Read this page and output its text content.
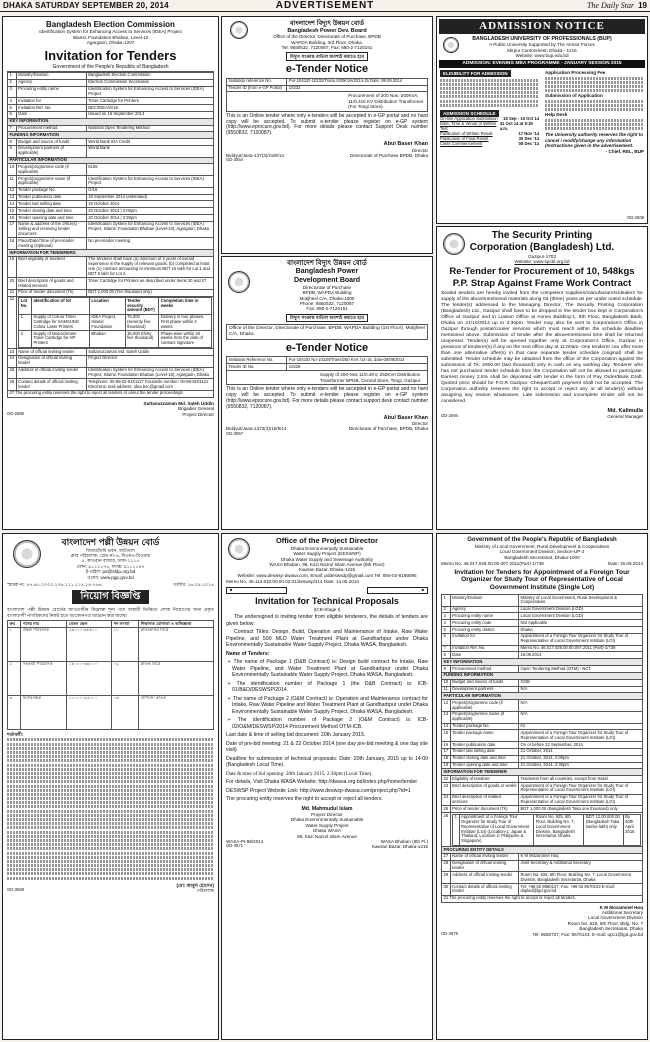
DHAKA SATURDAY SEPTEMBER 20, 2014	ADVERTISEMENT	The Daily Star 19
Bangladesh Election Commission
Identification System for Enhancing Access to Services (IDEA) Project
Islamic Foundation Bhaban, Level-10
Agargaon, Dhaka-1207
Invitation for Tenders
Government of the People's Republic of Bangladesh
1	Ministry/Division	Bangladesh Election Commission
2	Agency	Election Commission Secretariat
3	Procuring entity name	Identification System for Enhancing Access to Services (IDEA) Project
4	Invitation for	Toner Cartridge for Printers
5	Invitation Ref. No.	BEC/IDEA/G/16
6	Date	Issued on 16 September 2014
KEY INFORMATION
7	Procurement method	National Open Tendering Method
FUNDING INFORMATION
8	Budget and source of funds	World Bank IDA Credit
9	Development partners (if applicable)	World Bank
PARTICULAR INFORMATION
10	Project/programme code (if applicable)	6108
11	Project/programme name (if applicable)	Identification System for Enhancing Access to Services (IDEA) Project
12	Tender package No.	G/16
13	Tender publication date	18 September 2014 (estimated)
14	Tender last selling date	19 October 2014
15	Tender closing date and time	20 October 2014 | 2:00pm
16	Tender opening date and time	20 October 2014 | 2:30pm
17	Name & address of the office(s) - Selling and receiving tender document	Identification System for Enhancing Access to Services (IDEA) Project, Islamic Foundation Bhaban (Level-10), Agargaon, Dhaka
18	Place/Date/Time of pre-tender meeting (Optional)	No pre-tender meeting
INFORMATION FOR TENDERERS
19	Brief eligibility of tenderer	The tenderer shall have (a) minimum of 5 years of overall experience in the supply of relevant goods; (b) completed at least one (1) contract amounting to minimum BDT 15 lakh for Lot 1 and BDT 8 lakh for Lot 2.
20	Brief description of goods and related services	Toner Cartridge for Printers as described under items 20 and 27
21	Price of tender document (Tk)	BDT 2,000.00 (Ten thousand only)
22	Lot No.	Identification of lot	Location	Tender security amount (BDT)	Completion time in weeks
1	Supply of Colour Toner Cartridge for SAMSUNG Colour Laser Printers	IDEA Project, Islamic Foundation	75,000 (seventy five thousand)	Delivery in four phases. First phase within 4 weeks
2	Supply of Monochrome Toner Cartridge for HP Printers	Bhaban	35,000 (thirty five thousand)	Phase-wise within 40 weeks from the date of contract signature

23	Name of official inviting tender	Sultanuzzaman Md. Saleh Uddin
24	Designation of official inviting tender	Project Director
25	Address of official inviting tender	Identification System for Enhancing Access to Services (IDEA) Project, Islamic Foundation Bhaban (Level-10), Agargaon, Dhaka
26	Contact details of official inviting tender	Telephone: 00-88-02-8101117 Facsimile number: 00-88-8101121 Electronic mail address: idea.bec@gmail.com
27 The procuring entity reserves the right to reject all tenders or annul the tender proceedings
Sultanuzzaman Md. Saleh Uddin
Brigadier General
GD-2685	Project Director
বাংলাদেশ বিদ্যুৎ উন্নয়ন বোর্ড
Bangladesh Power Dev. Board
Office of the Director, Directorate of Purchase, BPDB
WAPDA Building, 3rd Floor, Dhaka.
Tel: 9550532, 7120087; Fax: 880-2-7120151
বিদ্যুৎ সংক্রান্ত বাতিল অবশ্যই কমাতে হবে
e-Tender Notice
Invitation reference No.	Pur-1041/D-10232/Trans./200KVA/2014-15 Date: 08.09.2014
Tender ID (from e-GP Portal)	10232
Procurement of 200 Nos.-200KVA, 11/0.415 KV Distribution Transformer (For Tongi Store).
This is an Online tender where only e-tenders will be accepted in e-GP portal and no hard copy will be accepted. To submit e-tender please register on e-GP system (http://www.eprocure.gov.bd). For more details please contact Support Desk number (9550832, 7120087).
Abul Baser Khan
Director
Biddyut/Jana-137(3)/15/9/14	Directorate of Purchase BPDB, Dhaka
GD-3554
ADMISSION NOTICE
BANGLADESH UNIVERSITY OF PROFESSIONALS (BUP)
A Public University Supported by The Armed Forces
Mirpur Cantonment, Dhaka - 1216
Website: www.bup.edu.bd
ADMISSION: EVENING MBA PROGRAMME - JANUARY SESSION 2015
ELIGIBILITY FOR ADMISSION
ADMISSION SCHEDULE
On-line Application Submission 15 Sep - 10 Oct 14
Date, Time & Venue of Written Test
31 Oct 14 at 9:30 a.m.
Publication of Written Result	17 Nov '14
Publication of Final Result	30 Dec '14
Class Commencement	08 Dec '14
Application Processing Fee
Submission of Application
Help Desk
The University authority reserves the right to cancel / modify/change any information (Instructions given in the advertisement.
- Chief, REL, BUP
GD-2606
The Security Printing
Corporation (Bangladesh) Ltd.
Gazipur-1703
Website: www.spcbl.org.bd
Re-Tender for Procurement of 10, 548kgs
P.P. Strap Against Frame Work Contract
Sealed tenders are hereby invited from the competent suppliers/manufacturers/dealers for supply of the abovementioned materials along 03 (three) years as per under noted schedule. The tender(s) addressed to the Managing Director, The Security Printing Corporation (Bangladesh) Ltd., Gazipur shall have to be dropped in the tender box kept in Corporation's Office at Gazipur and in Liaison Office at Annex Building-1, 6th Floor, Bangladesh Bank, Dhaka on 21/10/2014 up to 3:30pm. Tender may also be sent to Corporation's Office in Gazipur through postal/courier services which must reach within the schedule deadline mentioned above. Submission of tender after the abovementioned time shall be returned unopened. Tender(s) will be opened together only at Corporation's Office, Gazipur in presence of tenderer(s) if any on the next office day at 11:00am. One tenderer can offer more than one alternative offer(s) in that case separate tender schedule (original) shall be submitted. Tender schedule may be obtained from the office of the Corporation against the submission of Tk. 2000.00 (two thousand) only in cash on any working day. Tenderer who has not purchased tender schedule from the Corporation will not be allowed to participate. Earnest money 2.5% shall be deposited with tender in the form of Pay Order/Bank Draft. Quoted price should be F.O.R Gazipur. Cheque/Cash payment shall not be accepted. The Corporation authority reserves the right to accept or reject any or all tender(s) without assigning any reason whatsoever. Late submission and incomplete tender will not be considered.
Md. Kalimulla
GD-2094	General Manager
বাংলাদেশ বিদ্যুৎ উন্নয়ন বোর্ড
Bangladesh Power
Development Board
Directorate of Purchase
BPDB, WAPDA Building
Motijheel C/A, Dhaka-1000
Phone: 9550532, 7120087
Fax: 880-2-7120151
বিদ্যুৎ সংক্রান্ত বাতিল অবশ্যই কমাতে হবে
Office of the Director, Directorate of Purchase, BPDB, WAPDA Building (1st Floor), Motijheel C/A, Dhaka.
e-Tender Notice
Invitation Reference No.	Pur-1041/D No-10228/Trans/250 KVA /14-15, date-08/09/2014
Tender ID No.	10228
Supply of 200-Nos 11/0.4KV, 250KVA Distribution Transformer BPDB, Central Store, Tongi, Gazipur.
This is an Online tender where only e-tenders will be accepted in e-GP portal and no hard copy will be accepted. To submit e-tender please register on e-GP system (http://www.eprocure.gov.bd). For more details please contact support desk contact number (9550832, 7120087).
Abul Baser Khan
Director
Biddyut/Jana-1472(3)/15/9/14	Directorate of Purchase, BPDB, Dhaka
GD-3557
বাংলাদেশ পল্লী উন্নয়ন বোর্ড
বিআরডিবি ভবন, আটতলা
ক্লাব পরিচালক, গ্রেড নং-৬, বিএমএ-টাওয়ার
৫, কাওরান বাজার, ঢাকা-১২১৫
ফোন: ৯১১১১৭৫, ফ্যাক্স: ৯১১১১৪৭
ই-মেইল: pd@sfdp.org.bd
ওয়েব: www.pgp.gov.bd
স্মারক নং: ৪৭.৬১.০০০০.২০৬.১১১.২১৪.১৪-২৬৬	তারিখ: ১৬.০৯.২০১৪
নিয়োগ বিজ্ঞপ্তি
বাংলাদেশ পল্লী উন্নয়ন বোর্ডের আওতাধীন নিম্নোক্ত শূন্য পদে অস্থায়ী ভিত্তিতে লোক নিয়োগের জন্য প্রকৃত বাংলাদেশী নাগরিকদের নিকট হতে আবেদনপত্র আহ্বান করা যাচ্ছে।
ক্রম	পদের নাম	বেতন স্কেল	পদ সংখ্যা	শিক্ষাগত যোগ্যতা ও অভিজ্ঞতা
১	প্রকল্প পরিচালক	২৬০০০-৩৮৫০০	০১	স্নাতকোত্তর ডিগ্রি
২	সহকারী পরিচালক	১৮০০০-৩৬০০০	০২	স্নাতক ডিগ্রি
৩	হিসাবরক্ষক	১০০০০-২৩০০০	০৩	বাণিজ্যে স্নাতক
শর্তাবলী:
(মো: আবুল হোসেন)
GD-3558	পরিচালক
Office of the Project Director
Dhaka Environmentally Sustainable
Water Supply Project (DESWSP)
Dhaka Water Supply and Sewerage Authority
WASA Bhaban, 98, Kazi Nazrul Islam Avenue (8th Floor)
Kawran Bazar, Dhaka-1215
Website: www.deswsp-dwasa.com, Email: pddeswsdp@gmail.com Tel: 880-02-8189095
Memo No. 46.113.610.00.00.02.01/deswsp/314 Date: 14.09.2014
■	■
Invitation for Technical Proposals
(ICB-Stage I)

The undersigned is inviting tender from eligible tenderers, the details of tenders are given below:

Contract Titles: Design, Build, Operation and Maintenance of Intake, Raw Water Pipeline, and 500 MLD Water Treatment Plant at Gandharbpur under Dhaka Environmentally Sustainable Water Supply Project, Dhaka WASA, Bangladesh.

Name of Tenders:

➢ The name of Package 1 (D&B Contract) is: Design build contract for Intake, Raw Water Pipeline, and Water Treatment Plant at Gandharbpur under Dhaka Environmentally Sustainable Water Supply Project, Dhaka WASA, Bangladesh.

➢ The identification number of Package 1 (the D&B Contract) is: ICB-01/B&D/DESWSP/2014.

➢ The name of Package 2 (O&M Contract) is: Operation and Maintenance contract for Intake, Raw Water Pipeline and Water Treatment Plant at Gandharbpur under Dhaka Environmentally Sustainable Water Supply Project, Dhaka WASA, Bangladesh.

➢ The identification number of Package 2 (O&M Contract) is: ICB-02/O&M/DESWSP/2014 Procurement Method OTM-ICB.

Last date & time of selling bid document: 20th January 2015.

Date of pre-bid meeting: 21 & 22 October 2014 (one day pre-bid meeting & one day site visit).

Deadline for submission of technical proposals: Date: 20th January, 2015 up to 14:00 (Bangladesh Local Time).

Date & time of bid opening: 20th January 2015, 2:30pm (Local Time).

For details, Visit Dhaka WASA Website: http://dwasa.org.bd/index.php/home/tender

DESWSP Project Website Link: http://www.deswsp-dwasa.com/project.php?id=1

The procuring entity reserves the right to accept or reject all tenders.

Md. Mahmudul Islam
Project Director
Dhaka Environmentally Sustainable
Water Supply Project
Dhaka WASA
98, Kazi Nazrul Islam Avenue
WASA-PI-99/2014	WASA Bhaban (8th Fl.)
GD-3571	Kawran Bazar, Dhaka-1215
Government of the People's Republic of Bangladesh
Ministry of Local Government, Rural Development & Cooperatives
Local Government Division, Section-UP-2
Bangladesh Secretariat, Dhaka-1000
Memo No. 46.017.028.00.00.007.2011(Part)-1/738	Date: 15.09.2014
Invitation for Tenders for Appointment of a Foreign Tour
Organizer for Study Tour of Representative of Local
Government Institute (Single Lot)
1	Ministry/Division	Ministry of Local Government, Rural Development & Cooperatives
2	Agency	Local Government Division (LGD)
3	Procuring entity name	Local Government Division (LGD)
4	Procuring entity code	Not Applicable
5	Procuring entity district	Dhaka
6	Invitation for	Appointment of a Foreign Tour Organizer for Study Tour of Representative of Local Government Institute (LGI)
7	Invitation Ref. No.	Memo No. 46.017.028.00.00.007.2011 (Part)-1/738
8	Date	15.09.2014
KEY INFORMATION
9	Procurement method	Open Tendering Method (OTM) - NCT
FUNDING INFORMATION
10	Budget and source of funds	GOB
11	Development partners	N/A
PARTICULAR INFORMATION
12	Project/programme code (if applicable)	N/A
13	Project/programme name (if applicable)	N/A
14	Tender package No.	01
15	Tender package name	Appointment of a Foreign Tour Organizer for Study Tour of Representative of Local Government Institute (LGI)
16	Tender publication date	On or before 22 September, 2014
17	Tender last selling date	21 October, 2014
18	Tender closing date and time	21 October, 2014, 2:00pm
19	Tender opening date and time	21 October, 2014, 2:30pm
INFORMATION FOR TENDERER
22	Eligibility of tenderer	Tenderers from all countries, except from Israel
23	Brief description of goods or works	Appointment of a Foreign Tour Organizer for Study Tour of Representative of Local Government Institute (LGI)
24	Brief description of related services	Appointment of a Foreign Tour Organizer for Study Tour of Representative of Local Government Institute (LGI)
25	Price of tender document (Tk)	BDT 1,000.00 (Bangladesh Taka one thousand) only
26	1	Appointment of a Foreign Tour Organizer for Study Tour of Representative of Local Government Institute (LGI) (Location-1: Japan & Thailand, Location-2: Philippine & Singapore)	Room No. 625, 6th Floor, Building No. 7, Local Government Division, Bangladesh Secretariat, Dhaka	BDT 12,00,000.00 (Bangladesh Taka twelve lakh) only	By 30th April 2015

PROCURING ENTITY DETAILS
27	Name of official inviting tender	K M Mozammel Hoq
28	Designation of official inviting tender	Joint Secretary & Additional Secretary
29	Address of official inviting tender	Room No. 625, 6th Floor, Building No. 7, Local Government Division, Bangladesh Secretariat, Dhaka
30	Contact details of official inviting tender	Tel: +88 02 9550137, Fax: +88 02 9570143 E-mail: dsplad@lgd.gov.bd
31 The procuring entity reserves the right to accept or reject all tenders.
K M Mozammel Hoq
Additional Secretary
Local Government Division
Room No. 625, 6th Floor, Bldg. No. 7
Bangladesh Secretariat, Dhaka
GD-3576	Tel: 9550737, Fax: 9570143, E-mail: upc1@lgd.gov.bd
